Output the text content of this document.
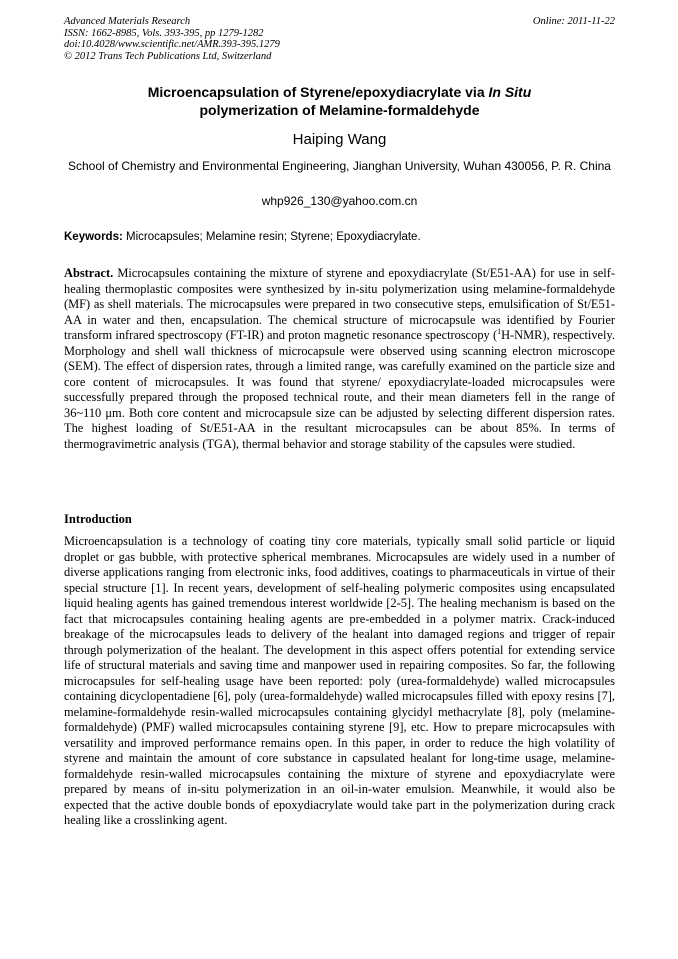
Advanced Materials Research
ISSN: 1662-8985, Vols. 393-395, pp 1279-1282
doi:10.4028/www.scientific.net/AMR.393-395.1279
© 2012 Trans Tech Publications Ltd, Switzerland
Online: 2011-11-22
Microencapsulation of Styrene/epoxydiacrylate via In Situ
polymerization of Melamine-formaldehyde
Haiping Wang
School of Chemistry and Environmental Engineering, Jianghan University, Wuhan 430056, P. R. China
whp926_130@yahoo.com.cn
Keywords: Microcapsules; Melamine resin; Styrene; Epoxydiacrylate.

Abstract. Microcapsules containing the mixture of styrene and epoxydiacrylate (St/E51-AA) for use in self-healing thermoplastic composites were synthesized by in-situ polymerization using melamine-formaldehyde (MF) as shell materials. The microcapsules were prepared in two consecutive steps, emulsification of St/E51-AA in water and then, encapsulation. The chemical structure of microcapsule was identified by Fourier transform infrared spectroscopy (FT-IR) and proton magnetic resonance spectroscopy ($^1$H-NMR), respectively. Morphology and shell wall thickness of microcapsule were observed using scanning electron microscope (SEM). The effect of dispersion rates, through a limited range, was carefully examined on the particle size and core content of microcapsules. It was found that styrene/ epoxydiacrylate-loaded microcapsules were successfully prepared through the proposed technical route, and their mean diameters fell in the range of 36~110 μm. Both core content and microcapsule size can be adjusted by selecting different dispersion rates. The highest loading of St/E51-AA in the resultant microcapsules can be about 85%. In terms of thermogravimetric analysis (TGA), thermal behavior and storage stability of the capsules were studied.

Introduction

Microencapsulation is a technology of coating tiny core materials, typically small solid particle or liquid droplet or gas bubble, with protective spherical membranes. Microcapsules are widely used in a number of diverse applications ranging from electronic inks, food additives, coatings to pharmaceuticals in virtue of their special structure [1]. In recent years, development of self-healing polymeric composites using encapsulated liquid healing agents has gained tremendous interest worldwide [2-5]. The healing mechanism is based on the fact that microcapsules containing healing agents are pre-embedded in a polymer matrix. Crack-induced breakage of the microcapsules leads to delivery of the healant into damaged regions and trigger of repair through polymerization of the healant. The development in this aspect offers potential for extending service life of structural materials and saving time and manpower used in repairing composites. So far, the following microcapsules for self-healing usage have been reported: poly (urea-formaldehyde) walled microcapsules containing dicyclopentadiene [6], poly (urea-formaldehyde) walled microcapsules filled with epoxy resins [7], melamine-formaldehyde resin-walled microcapsules containing glycidyl methacrylate [8], poly (melamine-formaldehyde) (PMF) walled microcapsules containing styrene [9], etc. How to prepare microcapsules with versatility and improved performance remains open. In this paper, in order to reduce the high volatility of styrene and maintain the amount of core substance in capsulated healant for long-time usage, melamine-formaldehyde resin-walled microcapsules containing the mixture of styrene and epoxydiacrylate were prepared by means of in-situ polymerization in an oil-in-water emulsion. Meanwhile, it would also be expected that the active double bonds of epoxydiacrylate would take part in the polymerization during crack healing like a crosslinking agent.
